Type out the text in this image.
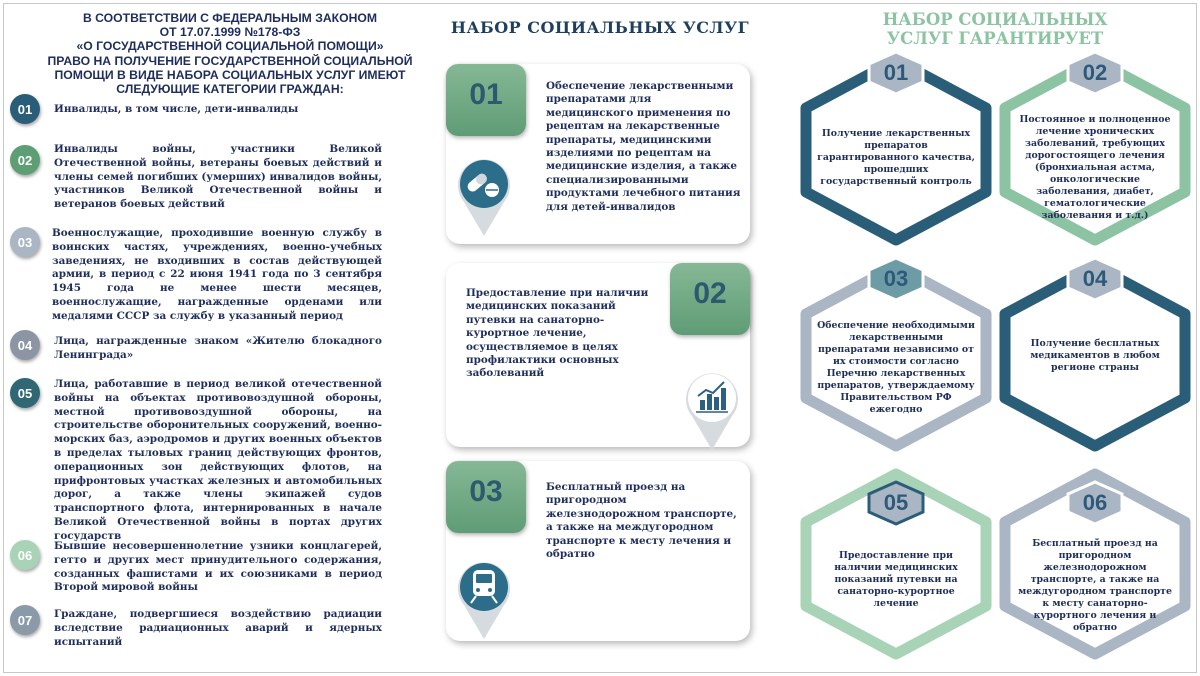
В СООТВЕТСТВИИ С ФЕДЕРАЛЬНЫМ ЗАКОНОМ
ОТ 17.07.1999 №178-ФЗ
«О ГОСУДАРСТВЕННОЙ СОЦИАЛЬНОЙ ПОМОЩИ»
ПРАВО НА ПОЛУЧЕНИЕ ГОСУДАРСТВЕННОЙ СОЦИАЛЬНОЙ
ПОМОЩИ В ВИДЕ НАБОРА СОЦИАЛЬНЫХ УСЛУГ ИМЕЮТ
СЛЕДУЮЩИЕ КАТЕГОРИИ ГРАЖДАН:
01	Инвалиды, в том числе, дети-инвалиды
02
Инвалиды войны, участники Великой Отечественной войны, ветераны боевых действий и члены семей погибших (умерших) инвалидов войны, участников Великой Отечественной войны и ветеранов боевых действий
03
Военнослужащие, проходившие военную службу в воинских частях, учреждениях, военно-учебных заведениях, не входивших в состав действующей армии, в период с 22 июня 1941 года по 3 сентября 1945 года не менее шести месяцев, военнослужащие, награжденные орденами или медалями СССР за службу в указанный период
04	Лица, награжденные знаком «Жителю блокадного Ленинграда»
05
Лица, работавшие в период великой отечественной войны на объектах противовоздушной обороны, местной противовоздушной обороны, на строительстве оборонительных сооружений, военно-морских баз, аэродромов и других военных объектов в пределах тыловых границ действующих фронтов, операционных зон действующих флотов, на прифронтовых участках железных и автомобильных дорог, а также члены экипажей судов транспортного флота, интернированных в начале Великой Отечественной войны в портах других государств
06
Бывшие несовершеннолетние узники концлагерей, гетто и других мест принудительного содержания, созданных фашистами и их союзниками в период Второй мировой войны
07	Граждане, подвергшиеся воздействию радиации вследствие радиационных аварий и ядерных испытаний
НАБОР СОЦИАЛЬНЫХ УСЛУГ
Обеспечение лекарственными препаратами для медицинского применения по рецептам на лекарственные препараты, медицинскими изделиями по рецептам на медицинские изделия, а также специализированными продуктами лечебного питания для детей-инвалидов
01
Предоставление при наличии медицинских показаний путевки на санаторно-курортное лечение, осуществляемое в целях профилактики основных заболеваний
02
Бесплатный проезд на пригородном железнодорожном транспорте, а также на междугородном транспорте к месту лечения и обратно
03
НАБОР СОЦИАЛЬНЫХ
УСЛУГ ГАРАНТИРУЕТ
01
Получение лекарственных препаратов гарантированного качества, прошедших государственный контроль
02
Постоянное и полноценное лечение хронических заболеваний, требующих дорогостоящего лечения (бронхиальная астма, онкологические заболевания, диабет, гематологические заболевания и т.д.)
03
Обеспечение необходимыми лекарственными препаратами независимо от их стоимости согласно Перечню лекарственных препаратов, утверждаемому Правительством РФ ежегодно
04
Получение бесплатных медикаментов в любом регионе страны
05
Предоставление при наличии медицинских показаний путевки на санаторно-курортное лечение
06
Бесплатный проезд на пригородном железнодорожном транспорте, а также на междугородном транспорте к месту санаторно-курортного лечения и обратно
